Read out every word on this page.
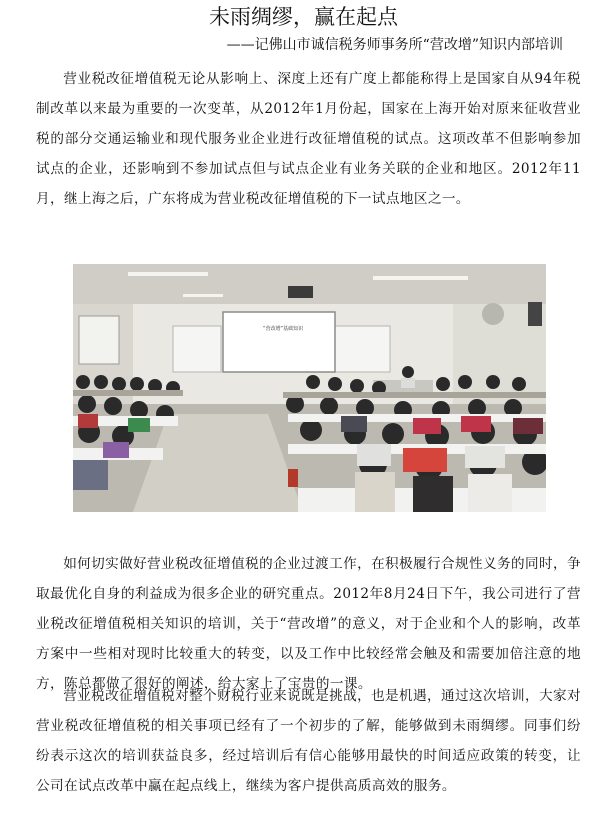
未雨绸缪，赢在起点

——记佛山市诚信税务师事务所“营改增”知识内部培训

营业税改征增值税无论从影响上、深度上还有广度上都能称得上是国家自从94年税制改革以来最为重要的一次变革，从2012年1月份起，国家在上海开始对原来征收营业税的部分交通运输业和现代服务业企业进行改征增值税的试点。这项改革不但影响参加试点的企业，还影响到不参加试点但与试点企业有业务关联的企业和地区。2012年11月，继上海之后，广东将成为营业税改征增值税的下一试点地区之一。

“营改增”基础知识

如何切实做好营业税改征增值税的企业过渡工作，在积极履行合规性义务的同时，争取最优化自身的利益成为很多企业的研究重点。2012年8月24日下午，我公司进行了营业税改征增值税相关知识的培训，关于“营改增”的意义，对于企业和个人的影响，改革方案中一些相对现时比较重大的转变，以及工作中比较经常会触及和需要加倍注意的地方，陈总都做了很好的阐述，给大家上了宝贵的一课。

营业税改征增值税对整个财税行业来说既是挑战，也是机遇，通过这次培训，大家对营业税改征增值税的相关事项已经有了一个初步的了解，能够做到未雨绸缪。同事们纷纷表示这次的培训获益良多，经过培训后有信心能够用最快的时间适应政策的转变，让公司在试点改革中赢在起点线上，继续为客户提供高质高效的服务。
